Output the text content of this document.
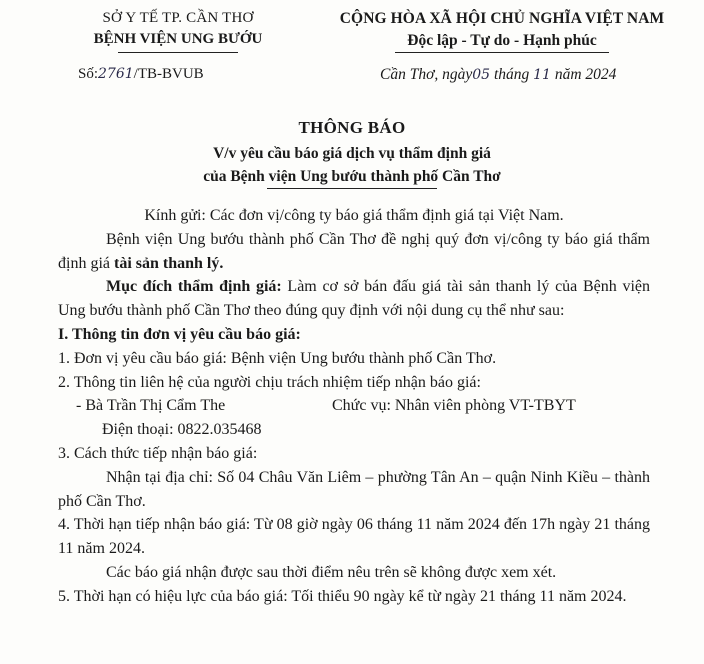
SỞ Y TẾ TP. CẦN THƠ
BỆNH VIỆN UNG BƯỚU
CỘNG HÒA XÃ HỘI CHỦ NGHĨA VIỆT NAM
Độc lập - Tự do - Hạnh phúc
Số:2761/TB-BVUB	Cần Thơ, ngày05 tháng 11 năm 2024
THÔNG BÁO
V/v yêu cầu báo giá dịch vụ thẩm định giá
của Bệnh viện Ung bướu thành phố Cần Thơ

Kính gửi: Các đơn vị/công ty báo giá thẩm định giá tại Việt Nam.

Bệnh viện Ung bướu thành phố Cần Thơ đề nghị quý đơn vị/công ty báo giá thẩm định giá tài sản thanh lý.

Mục đích thẩm định giá: Làm cơ sở bán đấu giá tài sản thanh lý của Bệnh viện Ung bướu thành phố Cần Thơ theo đúng quy định với nội dung cụ thể như sau:

I. Thông tin đơn vị yêu cầu báo giá:

1. Đơn vị yêu cầu báo giá: Bệnh viện Ung bướu thành phố Cần Thơ.

2. Thông tin liên hệ của người chịu trách nhiệm tiếp nhận báo giá:

- Bà Trần Thị Cẩm The	Chức vụ: Nhân viên phòng VT-TBYT

Điện thoại: 0822.035468

3. Cách thức tiếp nhận báo giá:

Nhận tại địa chỉ: Số 04 Châu Văn Liêm – phường Tân An – quận Ninh Kiều – thành phố Cần Thơ.

4. Thời hạn tiếp nhận báo giá: Từ 08 giờ ngày 06 tháng 11 năm 2024 đến 17h ngày 21 tháng 11 năm 2024.

Các báo giá nhận được sau thời điểm nêu trên sẽ không được xem xét.

5. Thời hạn có hiệu lực của báo giá: Tối thiểu 90 ngày kể từ ngày 21 tháng 11 năm 2024.
